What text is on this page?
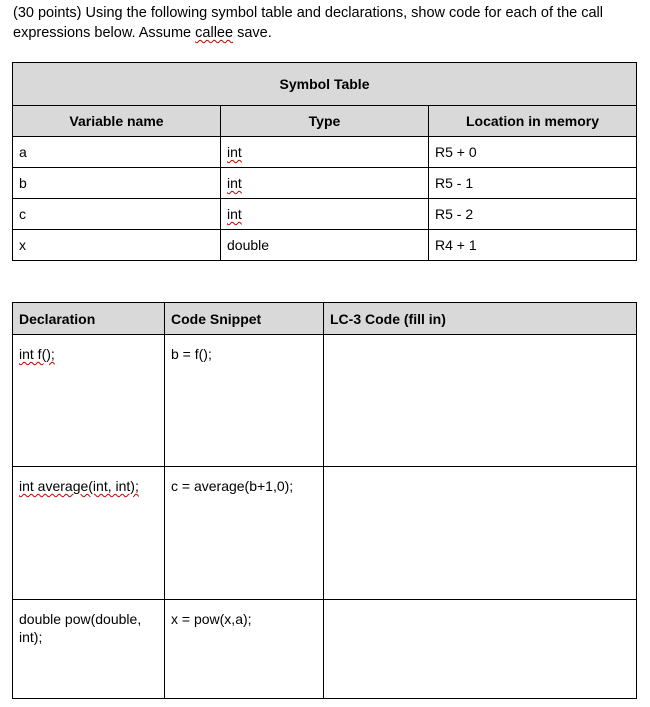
(30 points) Using the following symbol table and declarations, show code for each of the call
expressions below. Assume callee save.
Symbol Table		
Variable name	Type	Location in memory
a	int	R5 + 0
b	int	R5 - 1
c	int	R5 - 2
x	double	R4 + 1
Declaration	Code Snippet	LC-3 Code (fill in)
int f();	b = f();	
int average(int, int);	c = average(b+1,0);	
double pow(double, int);	x = pow(x,a);	
